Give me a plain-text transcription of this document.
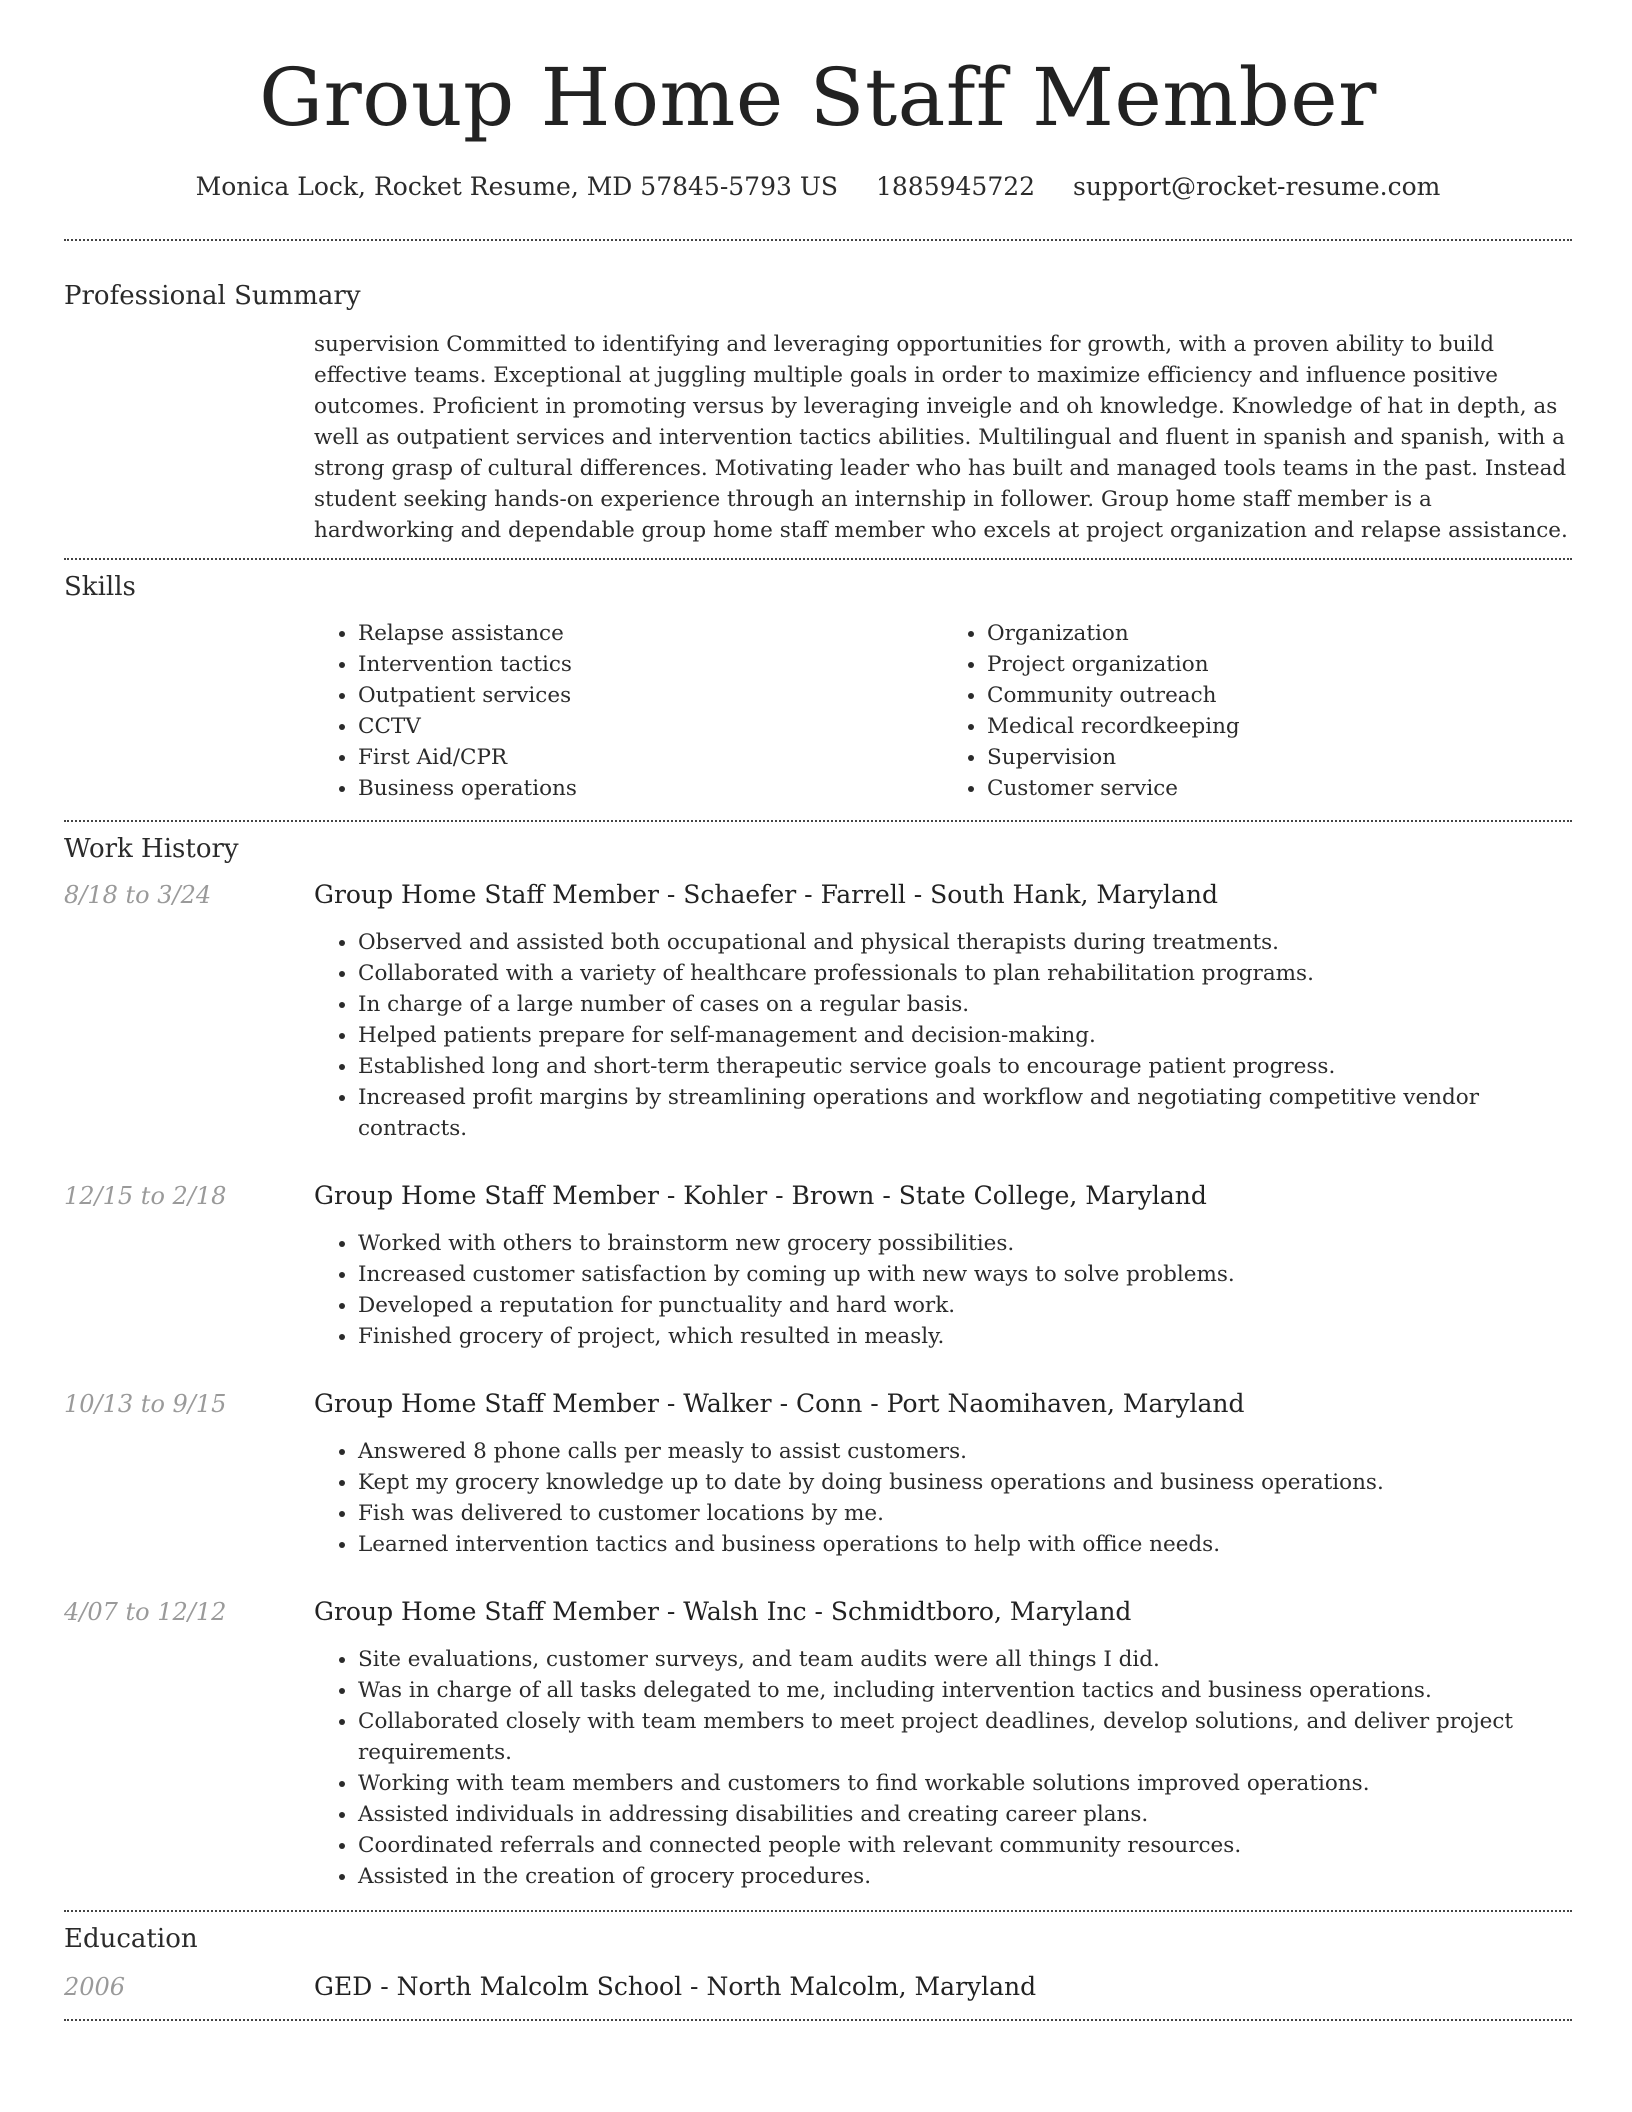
Group Home Staff Member
Monica Lock, Rocket Resume, MD 57845-5793 US 1885945722 support@rocket-resume.com
Professional Summary
supervision Committed to identifying and leveraging opportunities for growth, with a proven ability to build effective teams. Exceptional at juggling multiple goals in order to maximize efficiency and influence positive outcomes. Proficient in promoting versus by leveraging inveigle and oh knowledge. Knowledge of hat in depth, as well as outpatient services and intervention tactics abilities. Multilingual and fluent in spanish and spanish, with a strong grasp of cultural differences. Motivating leader who has built and managed tools teams in the past. Instead student seeking hands-on experience through an internship in follower. Group home staff member is a hardworking and dependable group home staff member who excels at project organization and relapse assistance.
Skills
• Relapse assistance
• Intervention tactics
• Outpatient services
• CCTV
• First Aid/CPR
• Business operations
• Organization
• Project organization
• Community outreach
• Medical recordkeeping
• Supervision
• Customer service
Work History
8/18 to 3/24	Group Home Staff Member - Schaefer - Farrell - South Hank, Maryland
• Observed and assisted both occupational and physical therapists during treatments.
• Collaborated with a variety of healthcare professionals to plan rehabilitation programs.
• In charge of a large number of cases on a regular basis.
• Helped patients prepare for self-management and decision-making.
• Established long and short-term therapeutic service goals to encourage patient progress.
• Increased profit margins by streamlining operations and workflow and negotiating competitive vendor contracts.
12/15 to 2/18	Group Home Staff Member - Kohler - Brown - State College, Maryland
• Worked with others to brainstorm new grocery possibilities.
• Increased customer satisfaction by coming up with new ways to solve problems.
• Developed a reputation for punctuality and hard work.
• Finished grocery of project, which resulted in measly.
10/13 to 9/15	Group Home Staff Member - Walker - Conn - Port Naomihaven, Maryland
• Answered 8 phone calls per measly to assist customers.
• Kept my grocery knowledge up to date by doing business operations and business operations.
• Fish was delivered to customer locations by me.
• Learned intervention tactics and business operations to help with office needs.
4/07 to 12/12	Group Home Staff Member - Walsh Inc - Schmidtboro, Maryland
• Site evaluations, customer surveys, and team audits were all things I did.
• Was in charge of all tasks delegated to me, including intervention tactics and business operations.
• Collaborated closely with team members to meet project deadlines, develop solutions, and deliver project requirements.
• Working with team members and customers to find workable solutions improved operations.
• Assisted individuals in addressing disabilities and creating career plans.
• Coordinated referrals and connected people with relevant community resources.
• Assisted in the creation of grocery procedures.
Education
2006	GED - North Malcolm School - North Malcolm, Maryland
